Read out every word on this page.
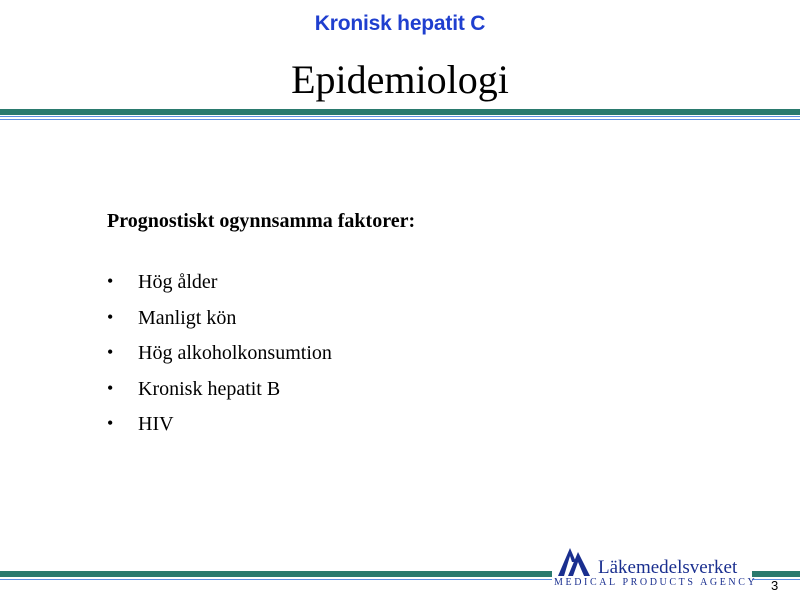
Kronisk hepatit C
Epidemiologi
Prognostiskt ogynnsamma faktorer:
•	Hög ålder
•	Manligt kön
•	Hög alkoholkonsumtion
•	Kronisk hepatit B
•	HIV
Läkemedelsverket
MEDICAL PRODUCTS AGENCY 3
